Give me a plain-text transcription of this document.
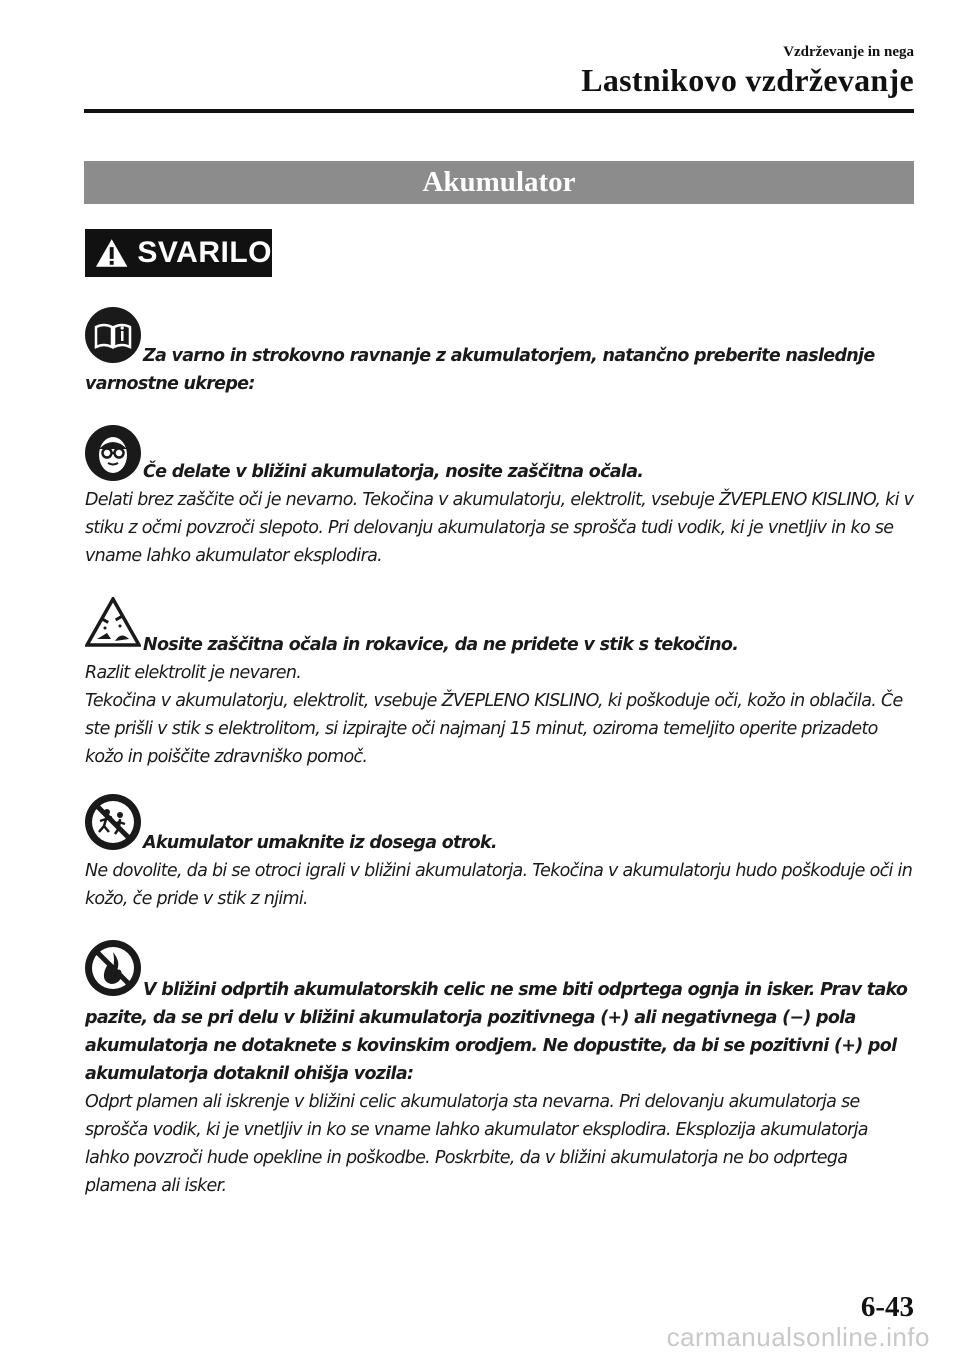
Vzdrževanje in nega
Lastnikovo vzdrževanje
Akumulator
SVARILO

Za varno in strokovno ravnanje z akumulatorjem, natančno preberite naslednje varnostne ukrepe:

Če delate v bližini akumulatorja, nosite zaščitna očala.

Delati brez zaščite oči je nevarno. Tekočina v akumulatorju, elektrolit, vsebuje ŽVEPLENO KISLINO, ki v stiku z očmi povzroči slepoto. Pri delovanju akumulatorja se sprošča tudi vodik, ki je vnetljiv in ko se vname lahko akumulator eksplodira.

Nosite zaščitna očala in rokavice, da ne pridete v stik s tekočino.

Razlit elektrolit je nevaren.

Tekočina v akumulatorju, elektrolit, vsebuje ŽVEPLENO KISLINO, ki poškoduje oči, kožo in oblačila. Če ste prišli v stik s elektrolitom, si izpirajte oči najmanj 15 minut, oziroma temeljito operite prizadeto kožo in poiščite zdravniško pomoč.

Akumulator umaknite iz dosega otrok.

Ne dovolite, da bi se otroci igrali v bližini akumulatorja. Tekočina v akumulatorju hudo poškoduje oči in kožo, če pride v stik z njimi.

V bližini odprtih akumulatorskih celic ne sme biti odprtega ognja in isker. Prav tako pazite, da se pri delu v bližini akumulatorja pozitivnega (+) ali negativnega (−) pola akumulatorja ne dotaknete s kovinskim orodjem. Ne dopustite, da bi se pozitivni (+) pol akumulatorja dotaknil ohišja vozila:

Odprt plamen ali iskrenje v bližini celic akumulatorja sta nevarna. Pri delovanju akumulatorja se sprošča vodik, ki je vnetljiv in ko se vname lahko akumulator eksplodira. Eksplozija akumulatorja lahko povzroči hude opekline in poškodbe. Poskrbite, da v bližini akumulatorja ne bo odprtega plamena ali isker.

6-43
carmanualsonline.info
